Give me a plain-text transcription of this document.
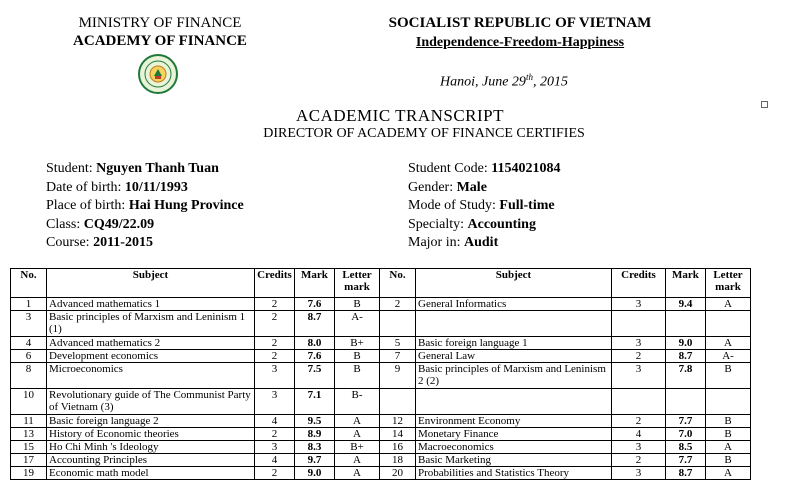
MINISTRY OF FINANCE
ACADEMY OF FINANCE
SOCIALIST REPUBLIC OF VIETNAM
Independence-Freedom-Happiness
Hanoi, June 29th, 2015
ACADEMIC TRANSCRIPT
DIRECTOR OF ACADEMY OF FINANCE CERTIFIES
Student: Nguyen Thanh Tuan
Date of birth: 10/11/1993
Place of birth: Hai Hung Province
Class: CQ49/22.09
Course: 2011-2015
Student Code: 1154021084
Gender: Male
Mode of Study: Full-time
Specialty: Accounting
Major in: Audit
No.	Subject	Credits	Mark	Letter mark	No.	Subject	Credits	Mark	Letter mark
1	Advanced mathematics 1	2	7.6	B	2	General Informatics	3	9.4	A
3	Basic principles of Marxism and Leninism 1 (1)	2	8.7	A-					
4	Advanced mathematics 2	2	8.0	B+	5	Basic foreign language 1	3	9.0	A
6	Development economics	2	7.6	B	7	General Law	2	8.7	A-
8	Microeconomics	3	7.5	B	9	Basic principles of Marxism and Leninism 2 (2)	3	7.8	B
10	Revolutionary guide of The Communist Party of Vietnam (3)	3	7.1	B-					
11	Basic foreign language 2	4	9.5	A	12	Environment Economy	2	7.7	B
13	History of Economic theories	2	8.9	A	14	Monetary Finance	4	7.0	B
15	Ho Chi Minh 's Ideology	3	8.3	B+	16	Macroeconomics	3	8.5	A
17	Accounting Principles	4	9.7	A	18	Basic Marketing	2	7.7	B
19	Economic math model	2	9.0	A	20	Probabilities and Statistics Theory	3	8.7	A
